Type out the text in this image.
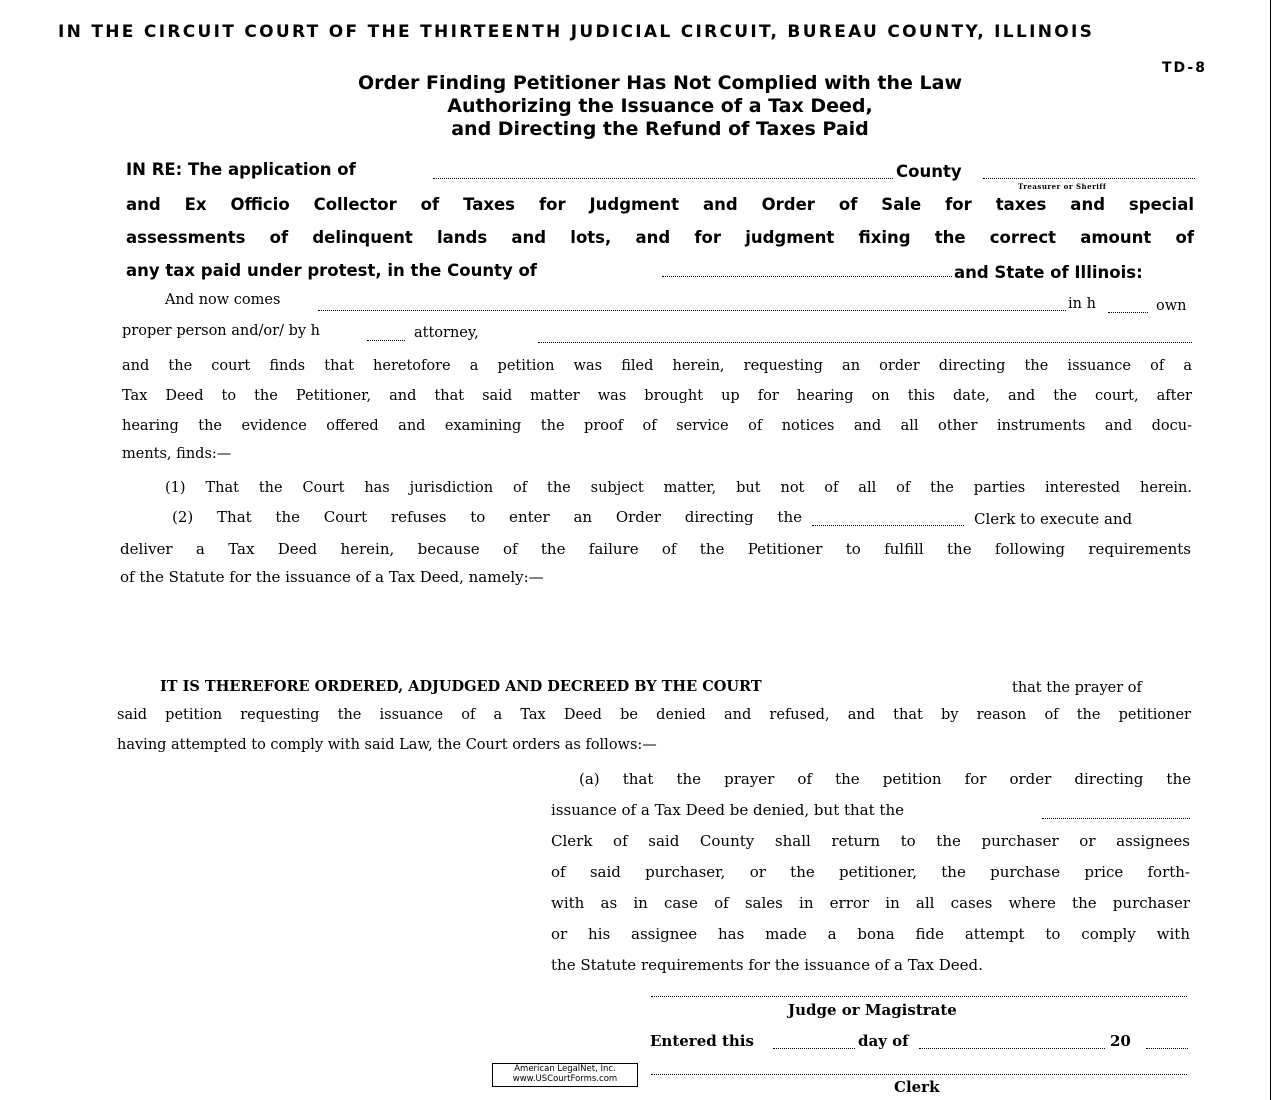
IN THE CIRCUIT COURT OF THE THIRTEENTH JUDICIAL CIRCUIT, BUREAU COUNTY, ILLINOIS
TD-8
Order Finding Petitioner Has Not Complied with the Law
Authorizing the Issuance of a Tax Deed,
and Directing the Refund of Taxes Paid
IN RE: The application of	County
Treasurer or Sheriff
and Ex Officio Collector of Taxes for Judgment and Order of Sale for taxes and special
assessments of delinquent lands and lots, and for judgment fixing the correct amount of
any tax paid under protest, in the County of	and State of Illinois:
And now comes	in h	own
proper person and/or/ by h	attorney,
and the court finds that heretofore a petition was filed herein, requesting an order directing the issuance of a
Tax Deed to the Petitioner, and that said matter was brought up for hearing on this date, and the court, after
hearing the evidence offered and examining the proof of service of notices and all other instruments and docu-
ments, finds:—
(1) That the Court has jurisdiction of the subject matter, but not of all of the parties interested herein.
(2) That the Court refuses to enter an Order directing the	Clerk to execute and
deliver a Tax Deed herein, because of the failure of the Petitioner to fulfill the following requirements
of the Statute for the issuance of a Tax Deed, namely:—
IT IS THEREFORE ORDERED, ADJUDGED AND DECREED BY THE COURT	that the prayer of
said petition requesting the issuance of a Tax Deed be denied and refused, and that by reason of the petitioner
having attempted to comply with said Law, the Court orders as follows:—
(a) that the prayer of the petition for order directing the
issuance of a Tax Deed be denied, but that the
Clerk of said County shall return to the purchaser or assignees
of said purchaser, or the petitioner, the purchase price forth-
with as in case of sales in error in all cases where the purchaser
or his assignee has made a bona fide attempt to comply with
the Statute requirements for the issuance of a Tax Deed.
Judge or Magistrate
Entered this	day of	20
Clerk
American LegalNet, Inc.
www.USCourtForms.com
